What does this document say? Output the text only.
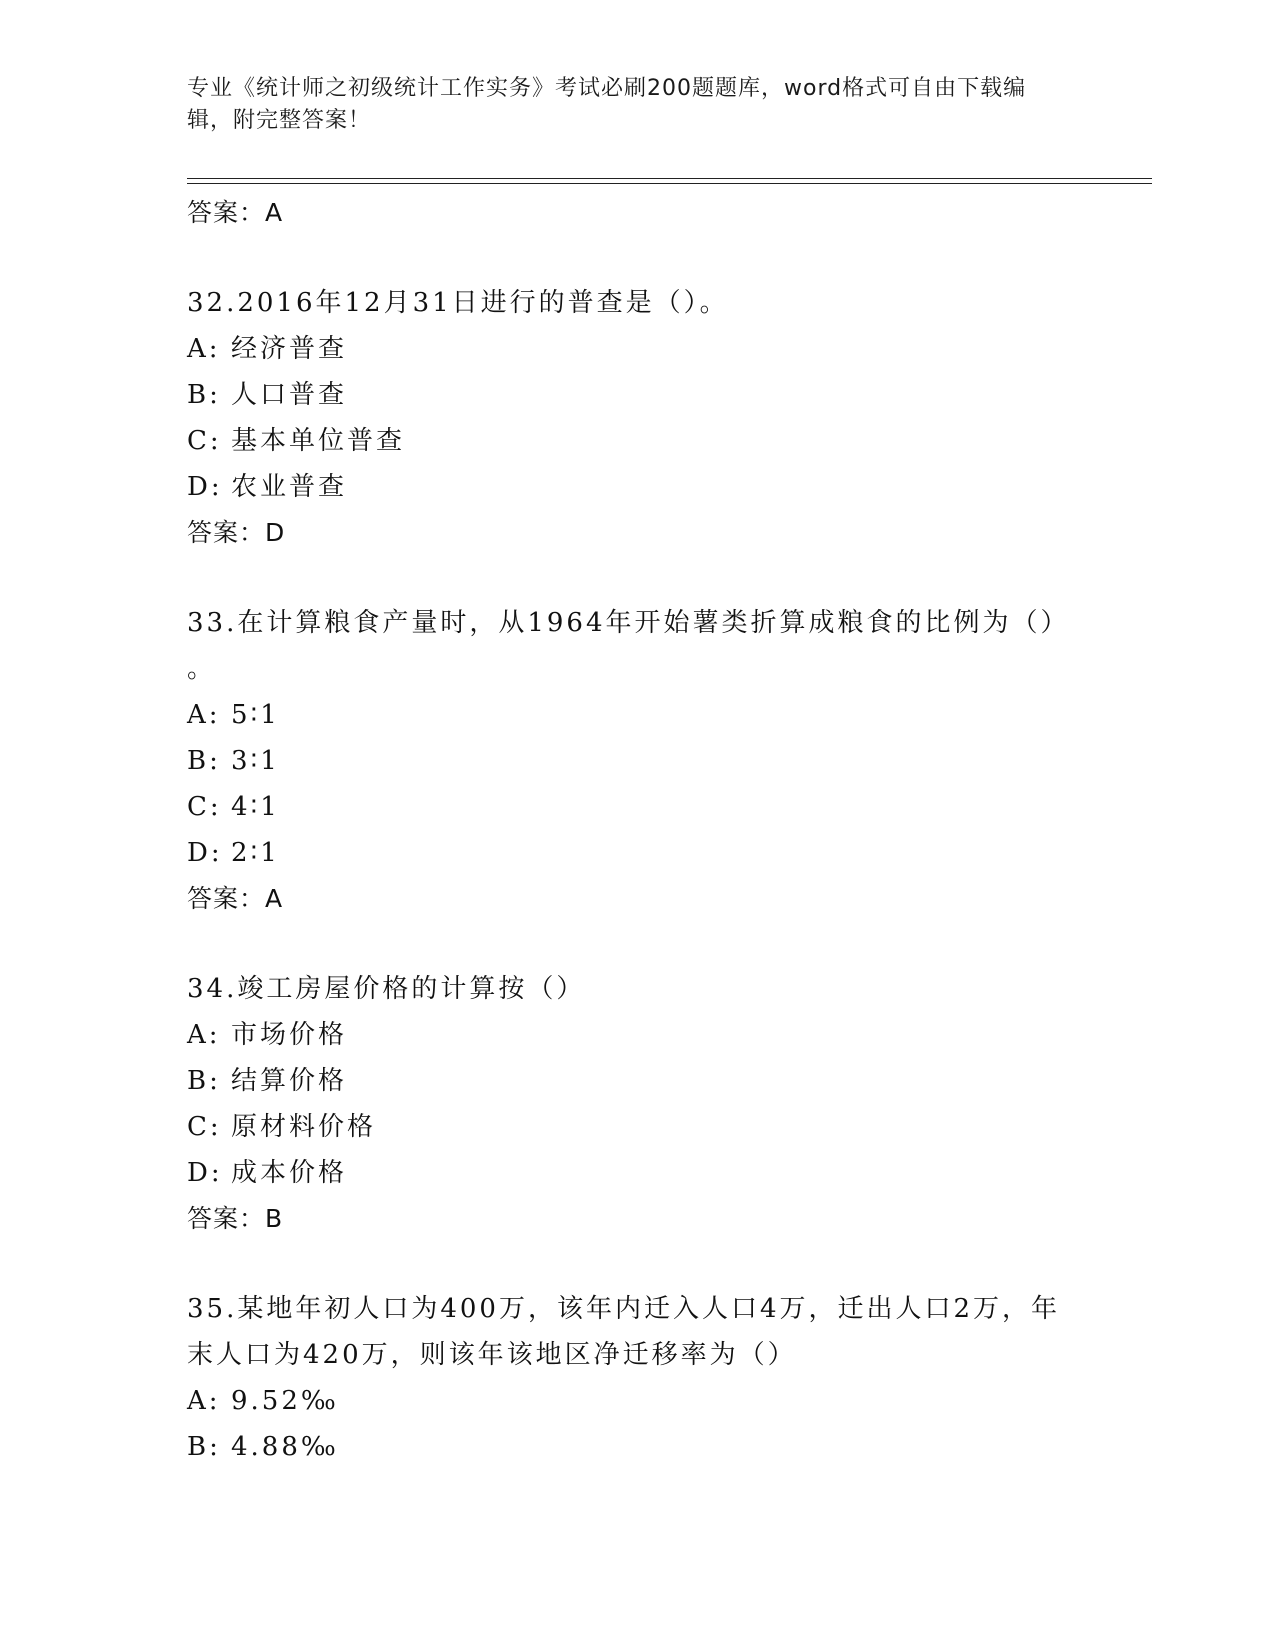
专业《统计师之初级统计工作实务》考试必刷200题题库，word格式可自由下载编辑，附完整答案！
答案：A
32.2016年12月31日进行的普查是（）。
A: 经济普查
B: 人口普查
C: 基本单位普查
D: 农业普查
答案：D
33.在计算粮食产量时，从1964年开始薯类折算成粮食的比例为（）
。
A: 5∶1
B: 3∶1
C: 4∶1
D: 2∶1
答案：A
34.竣工房屋价格的计算按（）
A: 市场价格
B: 结算价格
C: 原材料价格
D: 成本价格
答案：B
35.某地年初人口为400万，该年内迁入人口4万，迁出人口2万，年
末人口为420万，则该年该地区净迁移率为（）
A: 9.52‰
B: 4.88‰
